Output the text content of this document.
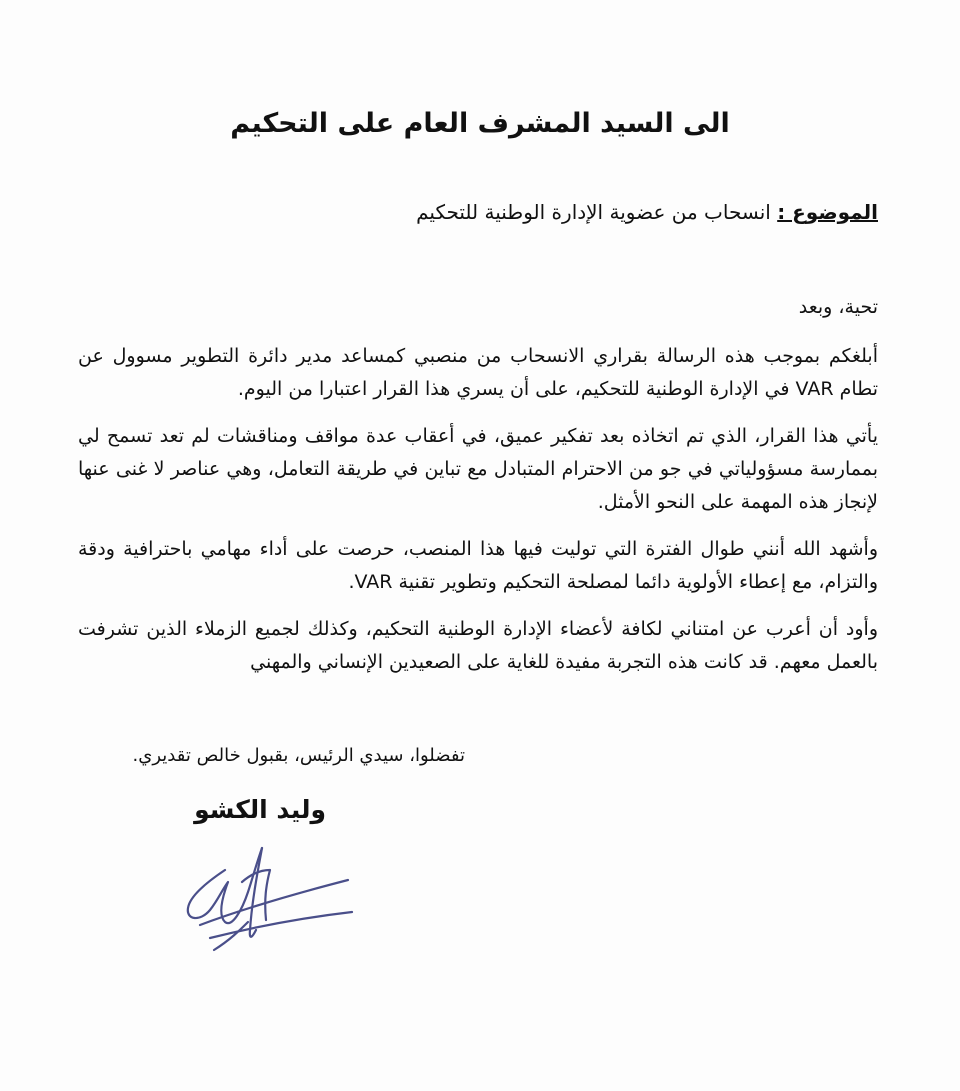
الى السيد المشرف العام على التحكيم
الموضوع : انسحاب من عضوية الإدارة الوطنية للتحكيم
تحية، وبعد

أبلغكم بموجب هذه الرسالة بقراري الانسحاب من منصبي كمساعد مدير دائرة التطوير مسوول عن تطام VAR في الإدارة الوطنية للتحكيم، على أن يسري هذا القرار اعتبارا من اليوم.

يأتي هذا القرار، الذي تم اتخاذه بعد تفكير عميق، في أعقاب عدة مواقف ومناقشات لم تعد تسمح لي بممارسة مسؤولياتي في جو من الاحترام المتبادل مع تباين في طريقة التعامل، وهي عناصر لا غنى عنها لإنجاز هذه المهمة على النحو الأمثل.

وأشهد الله أنني طوال الفترة التي توليت فيها هذا المنصب، حرصت على أداء مهامي باحترافية ودقة والتزام، مع إعطاء الأولوية دائما لمصلحة التحكيم وتطوير تقنية VAR.

وأود أن أعرب عن امتناني لكافة لأعضاء الإدارة الوطنية التحكيم، وكذلك لجميع الزملاء الذين تشرفت بالعمل معهم. قد كانت هذه التجربة مفيدة للغاية على الصعيدين الإنساني والمهني

تفضلوا، سيدي الرئيس، بقبول خالص تقديري.
وليد الكشو
